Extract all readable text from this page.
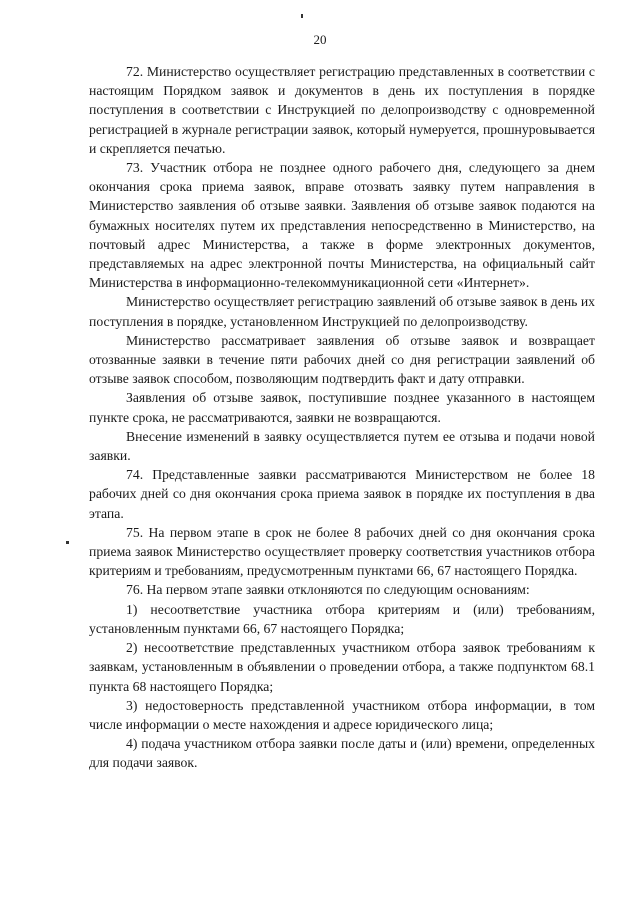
20

72. Министерство осуществляет регистрацию представленных в соответствии с настоящим Порядком заявок и документов в день их поступления в порядке поступления в соответствии с Инструкцией по делопроизводству с одновременной регистрацией в журнале регистрации заявок, который нумеруется, прошнуровывается и скрепляется печатью.

73. Участник отбора не позднее одного рабочего дня, следующего за днем окончания срока приема заявок, вправе отозвать заявку путем направления в Министерство заявления об отзыве заявки. Заявления об отзыве заявок подаются на бумажных носителях путем их представления непосредственно в Министерство, на почтовый адрес Министерства, а также в форме электронных документов, представляемых на адрес электронной почты Министерства, на официальный сайт Министерства в информационно-телекоммуникационной сети «Интернет».

Министерство осуществляет регистрацию заявлений об отзыве заявок в день их поступления в порядке, установленном Инструкцией по делопроизводству.

Министерство рассматривает заявления об отзыве заявок и возвращает отозванные заявки в течение пяти рабочих дней со дня регистрации заявлений об отзыве заявок способом, позволяющим подтвердить факт и дату отправки.

Заявления об отзыве заявок, поступившие позднее указанного в настоящем пункте срока, не рассматриваются, заявки не возвращаются.

Внесение изменений в заявку осуществляется путем ее отзыва и подачи новой заявки.

74. Представленные заявки рассматриваются Министерством не более 18 рабочих дней со дня окончания срока приема заявок в порядке их поступления в два этапа.

75. На первом этапе в срок не более 8 рабочих дней со дня окончания срока приема заявок Министерство осуществляет проверку соответствия участников отбора критериям и требованиям, предусмотренным пунктами 66, 67 настоящего Порядка.

76. На первом этапе заявки отклоняются по следующим основаниям:

1) несоответствие участника отбора критериям и (или) требованиям, установленным пунктами 66, 67 настоящего Порядка;

2) несоответствие представленных участником отбора заявок требованиям к заявкам, установленным в объявлении о проведении отбора, а также подпунктом 68.1 пункта 68 настоящего Порядка;

3) недостоверность представленной участником отбора информации, в том числе информации о месте нахождения и адресе юридического лица;

4) подача участником отбора заявки после даты и (или) времени, определенных для подачи заявок.
